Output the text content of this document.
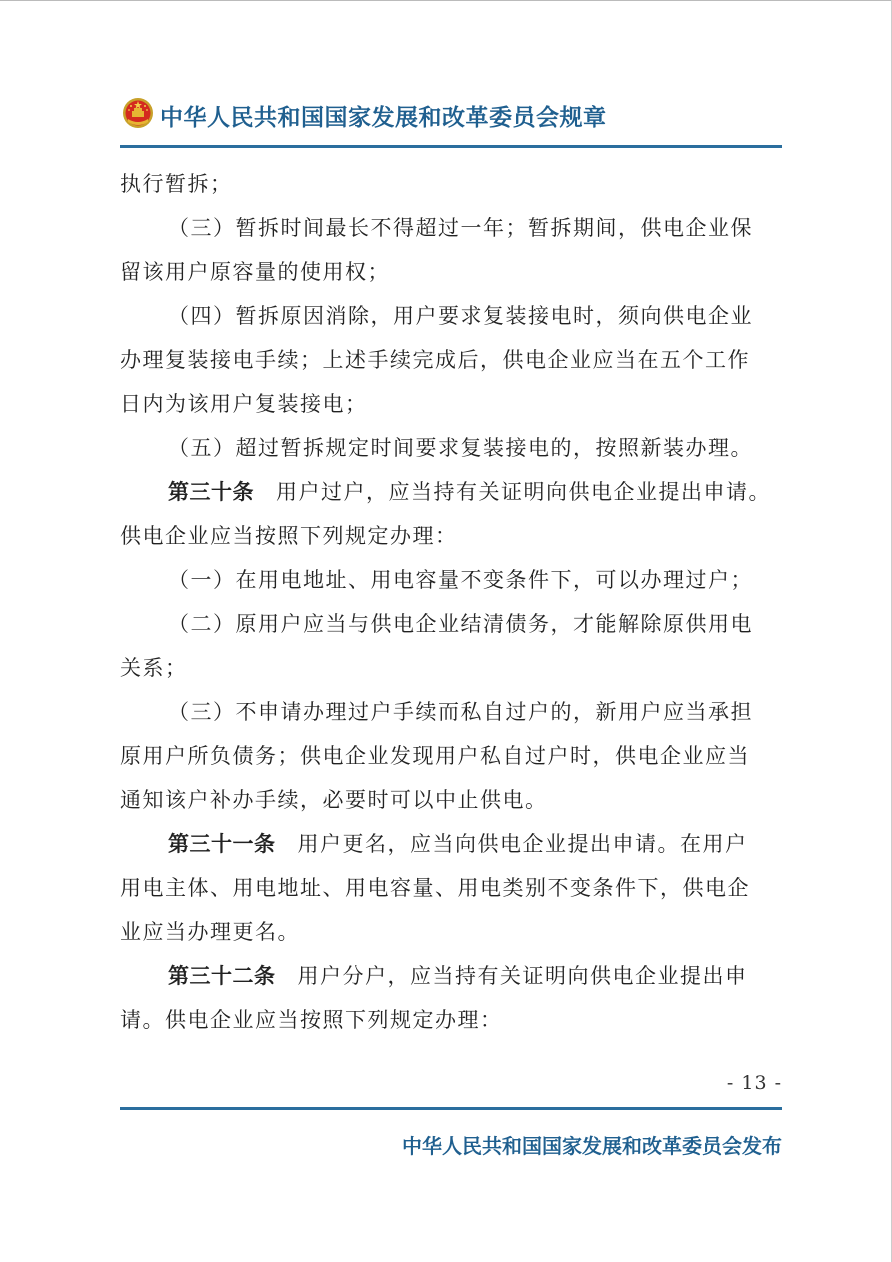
中华人民共和国国家发展和改革委员会规章
执行暂拆；
（三）暂拆时间最长不得超过一年；暂拆期间，供电企业保
留该用户原容量的使用权；
（四）暂拆原因消除，用户要求复装接电时，须向供电企业
办理复装接电手续；上述手续完成后，供电企业应当在五个工作
日内为该用户复装接电；
（五）超过暂拆规定时间要求复装接电的，按照新装办理。
第三十条 用户过户，应当持有关证明向供电企业提出申请。
供电企业应当按照下列规定办理：
（一）在用电地址、用电容量不变条件下，可以办理过户；
（二）原用户应当与供电企业结清债务，才能解除原供用电
关系；
（三）不申请办理过户手续而私自过户的，新用户应当承担
原用户所负债务；供电企业发现用户私自过户时，供电企业应当
通知该户补办手续，必要时可以中止供电。
第三十一条 用户更名，应当向供电企业提出申请。在用户
用电主体、用电地址、用电容量、用电类别不变条件下，供电企
业应当办理更名。
第三十二条 用户分户，应当持有关证明向供电企业提出申
请。供电企业应当按照下列规定办理：
- 13 -
中华人民共和国国家发展和改革委员会发布
